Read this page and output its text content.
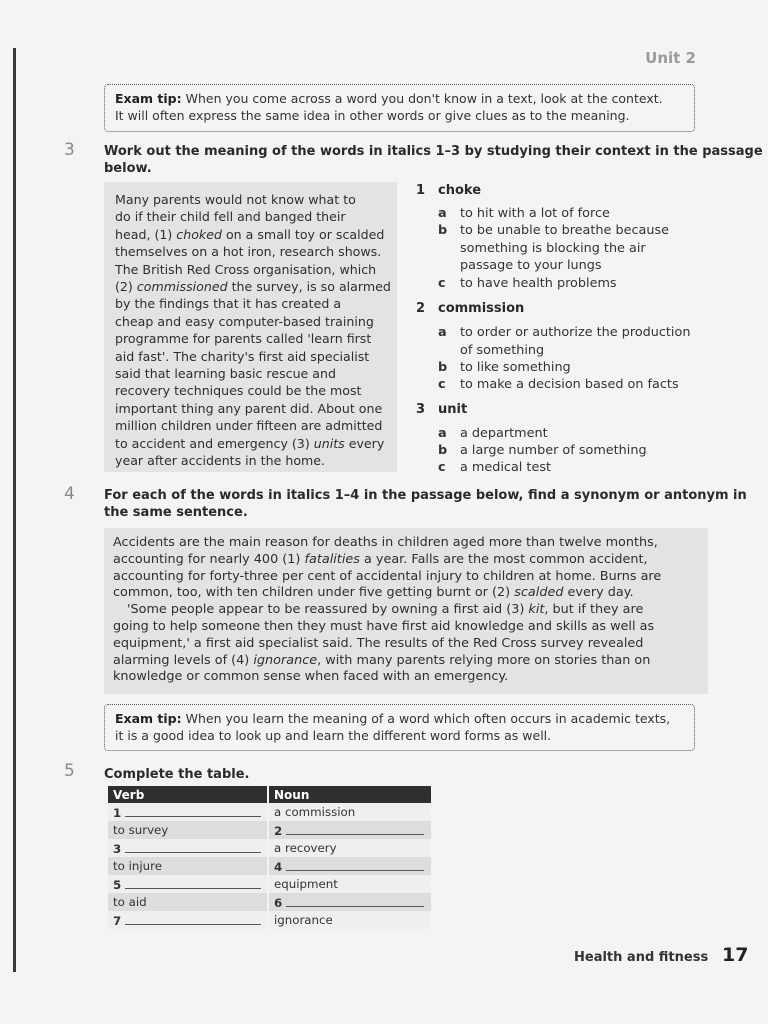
Unit 2
Exam tip: When you come across a word you don't know in a text, look at the context.
It will often express the same idea in other words or give clues as to the meaning.
3 Work out the meaning of the words in italics 1–3 by studying their context in the passage
below.
Many parents would not know what to
do if their child fell and banged their
head, (1) choked on a small toy or scalded
themselves on a hot iron, research shows.
The British Red Cross organisation, which
(2) commissioned the survey, is so alarmed
by the findings that it has created a
cheap and easy computer-based training
programme for parents called 'learn first
aid fast'. The charity's first aid specialist
said that learning basic rescue and
recovery techniques could be the most
important thing any parent did. About one
million children under fifteen are admitted
to accident and emergency (3) units every
year after accidents in the home.
1 choke
a to hit with a lot of force
b to be unable to breathe because
something is blocking the air
passage to your lungs
c to have health problems
2 commission
a to order or authorize the production
of something
b to like something
c to make a decision based on facts
3 unit
a a department
b a large number of something
c a medical test
4 For each of the words in italics 1–4 in the passage below, find a synonym or antonym in
the same sentence.
Accidents are the main reason for deaths in children aged more than twelve months,
accounting for nearly 400 (1) fatalities a year. Falls are the most common accident,
accounting for forty-three per cent of accidental injury to children at home. Burns are
common, too, with ten children under five getting burnt or (2) scalded every day.
'Some people appear to be reassured by owning a first aid (3) kit, but if they are
going to help someone then they must have first aid knowledge and skills as well as
equipment,' a first aid specialist said. The results of the Red Cross survey revealed
alarming levels of (4) ignorance, with many parents relying more on stories than on
knowledge or common sense when faced with an emergency.
Exam tip: When you learn the meaning of a word which often occurs in academic texts,
it is a good idea to look up and learn the different word forms as well.
5 Complete the table.
Verb	Noun
1	a commission
to survey	2
3	a recovery
to injure	4
5	equipment
to aid	6
7	ignorance
Health and fitness 17
